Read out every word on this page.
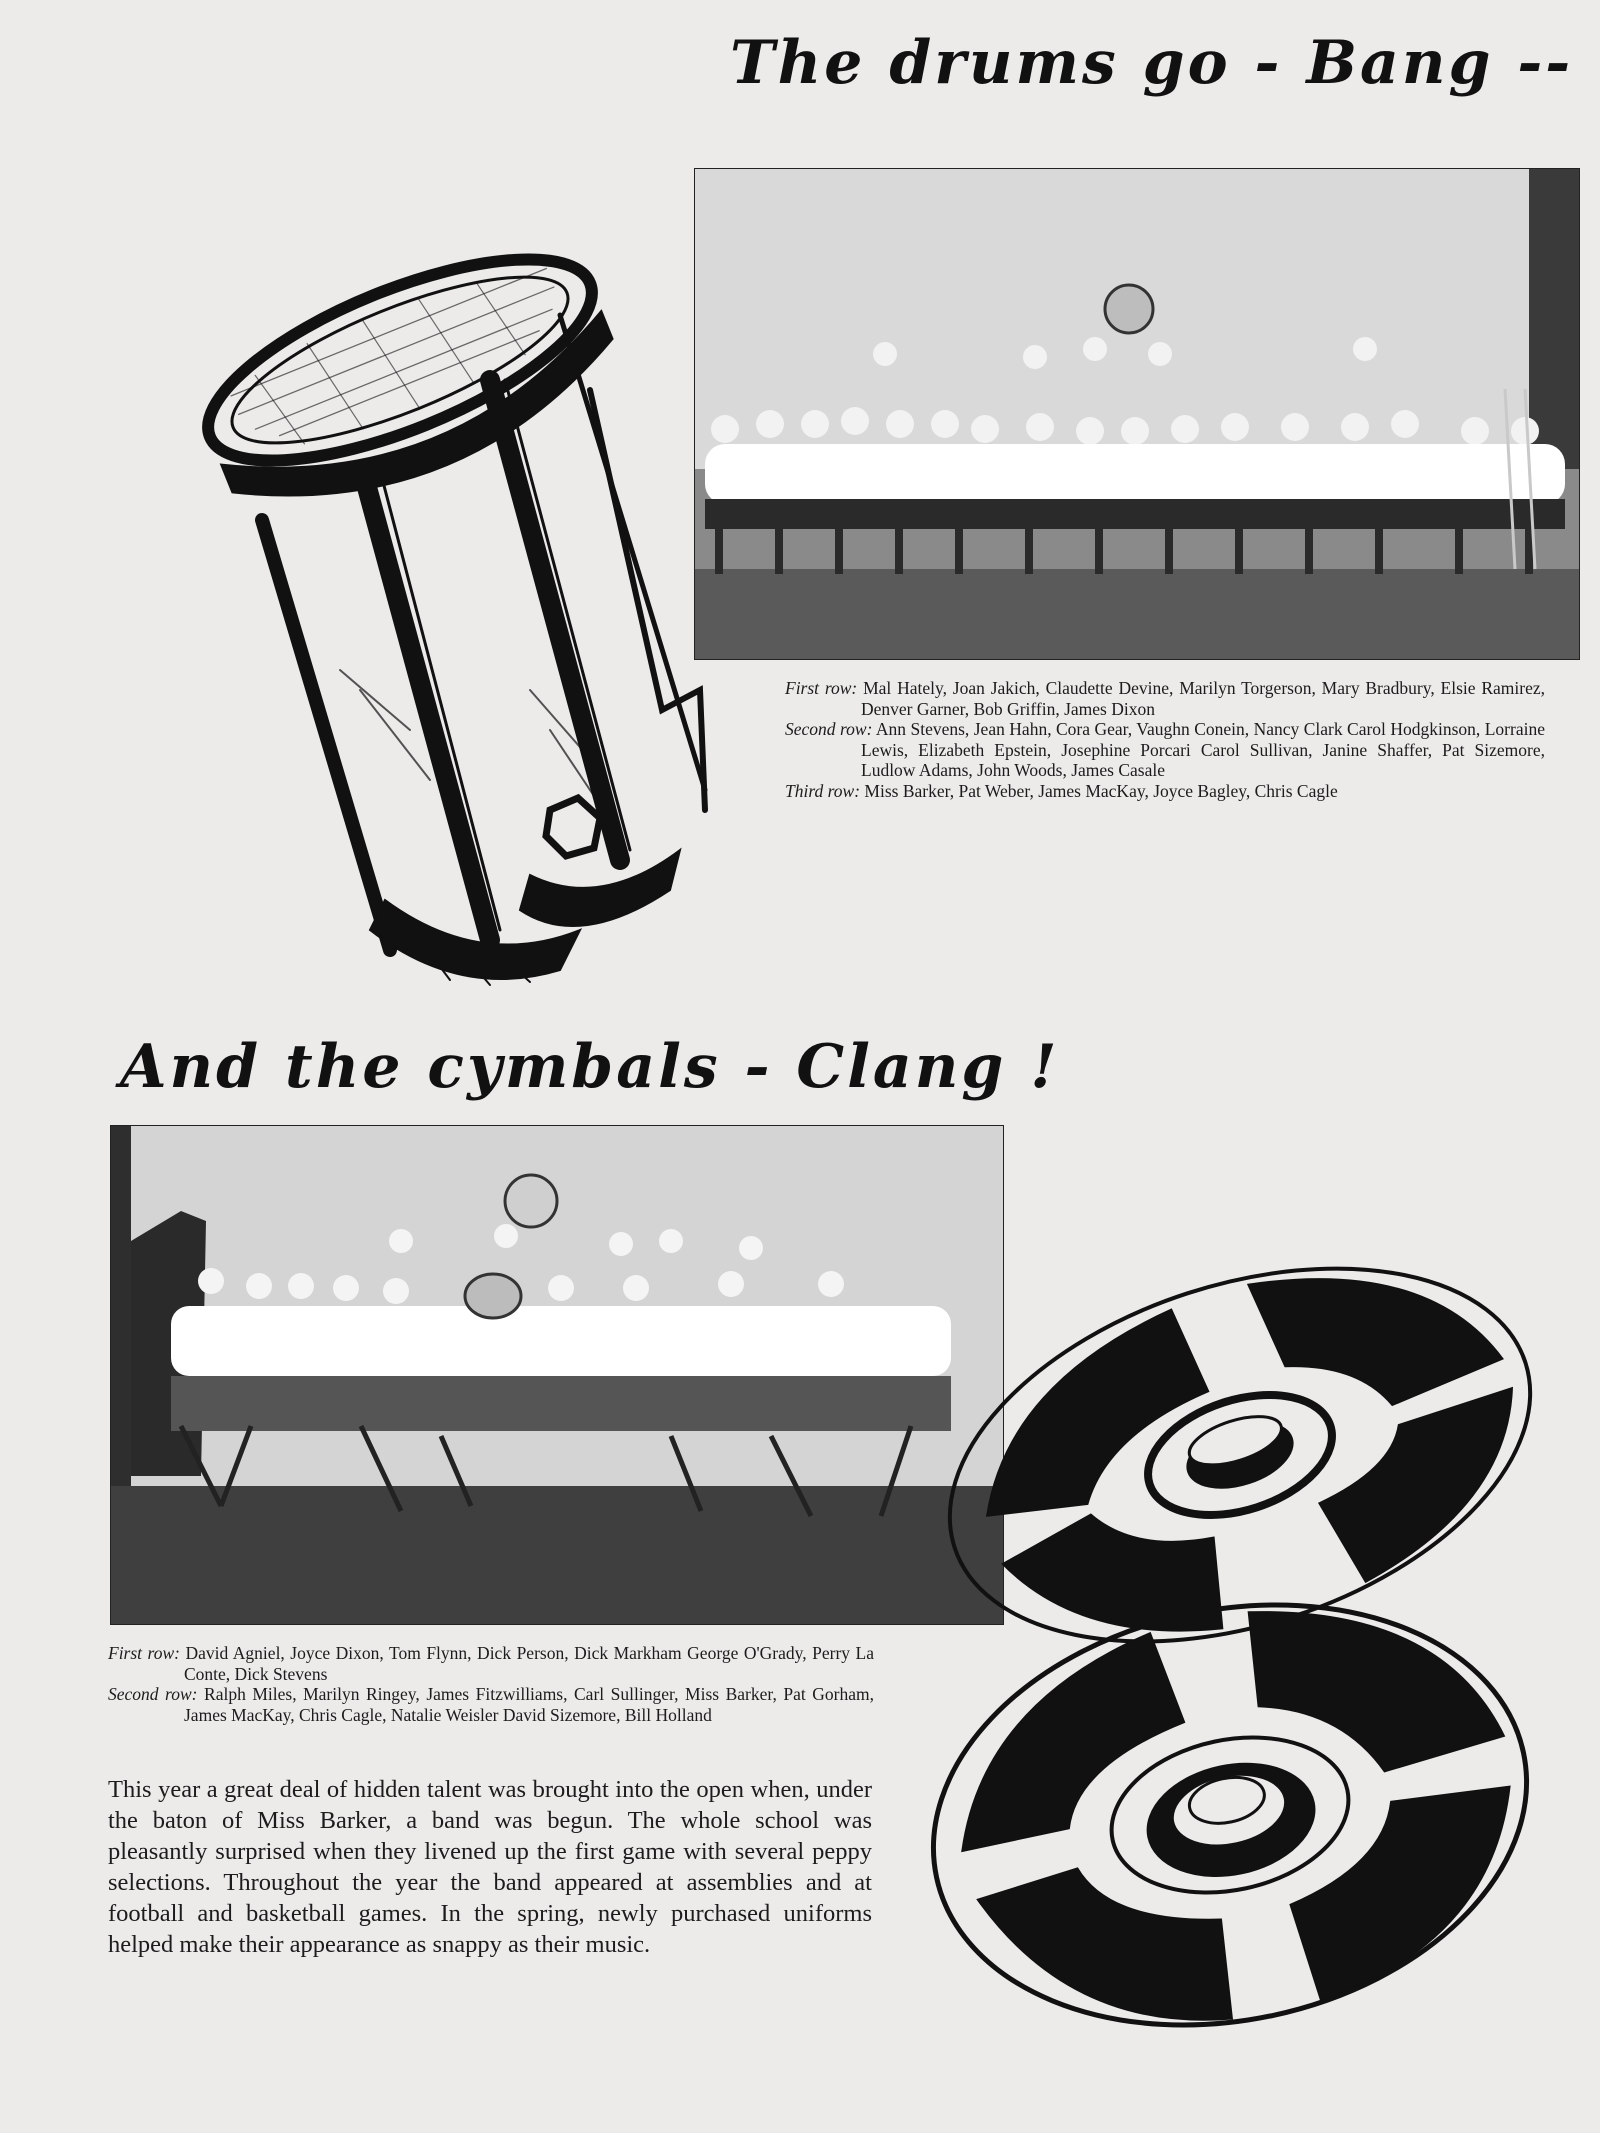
The drums go - Bang --
And the cymbals - Clang !
First row: Mal Hately, Joan Jakich, Claudette Devine, Marilyn Torgerson, Mary Bradbury, Elsie Ramirez, Denver Garner, Bob Griffin, James Dixon
Second row: Ann Stevens, Jean Hahn, Cora Gear, Vaughn Conein, Nancy Clark Carol Hodgkinson, Lorraine Lewis, Elizabeth Epstein, Josephine Porcari Carol Sullivan, Janine Shaffer, Pat Sizemore, Ludlow Adams, John Woods, James Casale
Third row: Miss Barker, Pat Weber, James MacKay, Joyce Bagley, Chris Cagle
First row: David Agniel, Joyce Dixon, Tom Flynn, Dick Person, Dick Markham George O'Grady, Perry La Conte, Dick Stevens
Second row: Ralph Miles, Marilyn Ringey, James Fitzwilliams, Carl Sullinger, Miss Barker, Pat Gorham, James MacKay, Chris Cagle, Natalie Weisler David Sizemore, Bill Holland
This year a great deal of hidden talent was brought into the open when, under the baton of Miss Barker, a band was begun. The whole school was pleasantly surprised when they livened up the first game with several peppy selections. Throughout the year the band appeared at assemblies and at football and basketball games. In the spring, newly purchased uniforms helped make their appearance as snappy as their music.
